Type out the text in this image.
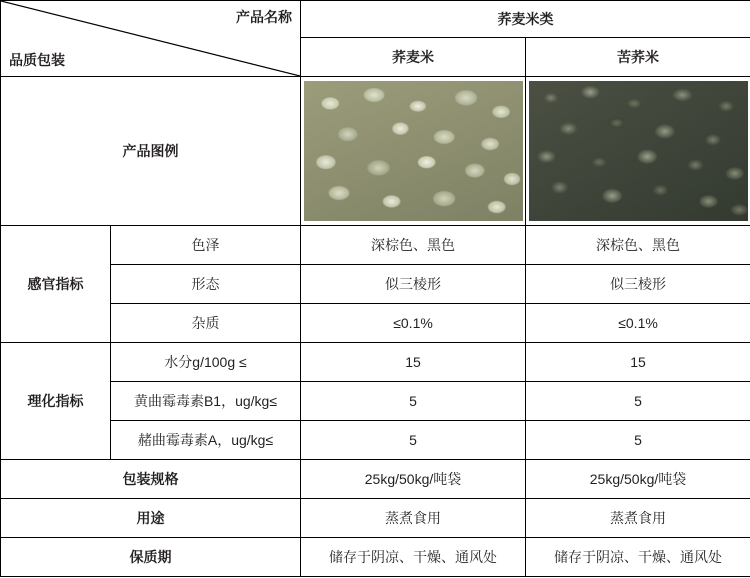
产品名称
品质包装		荞麦米类	
		荞麦米	苦荞米
产品图例		

感官指标	色泽	深棕色、黑色	深棕色、黑色
	形态	似三棱形	似三棱形
	杂质	≤0.1%	≤0.1%
理化指标	水分g/100g ≤	15	15
	黄曲霉毒素B1，ug/kg≤	5	5
	赭曲霉毒素A，ug/kg≤	5	5
包装规格		25kg/50kg/吨袋	25kg/50kg/吨袋
用途		蒸煮食用	蒸煮食用
保质期		储存于阴凉、干燥、通风处	储存于阴凉、干燥、通风处
